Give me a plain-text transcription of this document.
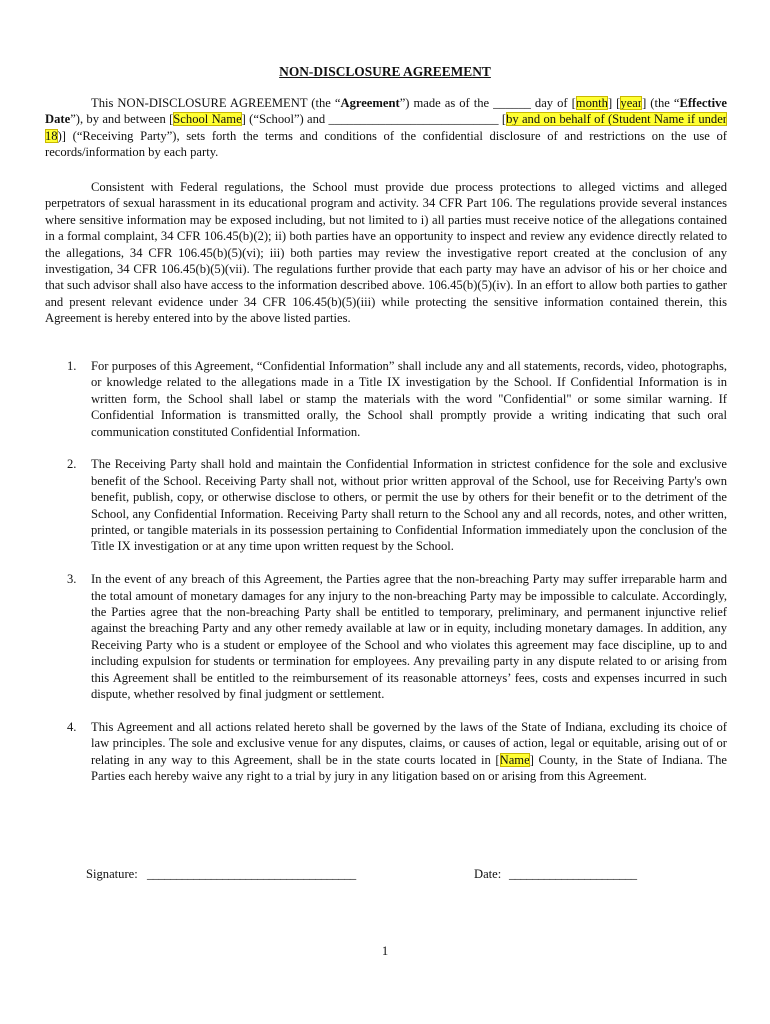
NON-DISCLOSURE AGREEMENT

This NON-DISCLOSURE AGREEMENT (the “Agreement”) made as of the ______ day of [month] [year] (the “Effective Date”), by and between [School Name] (“School”) and ___________________________ [by and on behalf of (Student Name if under 18)] (“Receiving Party”), sets forth the terms and conditions of the confidential disclosure of and restrictions on the use of records/information by each party.

Consistent with Federal regulations, the School must provide due process protections to alleged victims and alleged perpetrators of sexual harassment in its educational program and activity. 34 CFR Part 106. The regulations provide several instances where sensitive information may be exposed including, but not limited to i) all parties must receive notice of the allegations contained in a formal complaint, 34 CFR 106.45(b)(2); ii) both parties have an opportunity to inspect and review any evidence directly related to the allegations, 34 CFR 106.45(b)(5)(vi); iii) both parties may review the investigative report created at the conclusion of any investigation, 34 CFR 106.45(b)(5)(vii). The regulations further provide that each party may have an advisor of his or her choice and that such advisor shall also have access to the information described above. 106.45(b)(5)(iv). In an effort to allow both parties to gather and present relevant evidence under 34 CFR 106.45(b)(5)(iii) while protecting the sensitive information contained therein, this Agreement is hereby entered into by the above listed parties.

1. For purposes of this Agreement, “Confidential Information” shall include any and all statements, records, video, photographs, or knowledge related to the allegations made in a Title IX investigation by the School. If Confidential Information is in written form, the School shall label or stamp the materials with the word "Confidential" or some similar warning. If Confidential Information is transmitted orally, the School shall promptly provide a writing indicating that such oral communication constituted Confidential Information.

2. The Receiving Party shall hold and maintain the Confidential Information in strictest confidence for the sole and exclusive benefit of the School. Receiving Party shall not, without prior written approval of the School, use for Receiving Party's own benefit, publish, copy, or otherwise disclose to others, or permit the use by others for their benefit or to the detriment of the School, any Confidential Information. Receiving Party shall return to the School any and all records, notes, and other written, printed, or tangible materials in its possession pertaining to Confidential Information immediately upon the conclusion of the Title IX investigation or at any time upon written request by the School.

3. In the event of any breach of this Agreement, the Parties agree that the non-breaching Party may suffer irreparable harm and the total amount of monetary damages for any injury to the non-breaching Party may be impossible to calculate. Accordingly, the Parties agree that the non-breaching Party shall be entitled to temporary, preliminary, and permanent injunctive relief against the breaching Party and any other remedy available at law or in equity, including monetary damages. In addition, any Receiving Party who is a student or employee of the School and who violates this agreement may face discipline, up to and including expulsion for students or termination for employees. Any prevailing party in any dispute related to or arising from this Agreement shall be entitled to the reimbursement of its reasonable attorneys’ fees, costs and expenses incurred in such dispute, whether resolved by final judgment or settlement.

4. This Agreement and all actions related hereto shall be governed by the laws of the State of Indiana, excluding its choice of law principles. The sole and exclusive venue for any disputes, claims, or causes of action, legal or equitable, arising out of or relating in any way to this Agreement, shall be in the state courts located in [Name] County, in the State of Indiana. The Parties each hereby waive any right to a trial by jury in any litigation based on or arising from this Agreement.

Signature: ____________________________________	Date: ______________________
1
